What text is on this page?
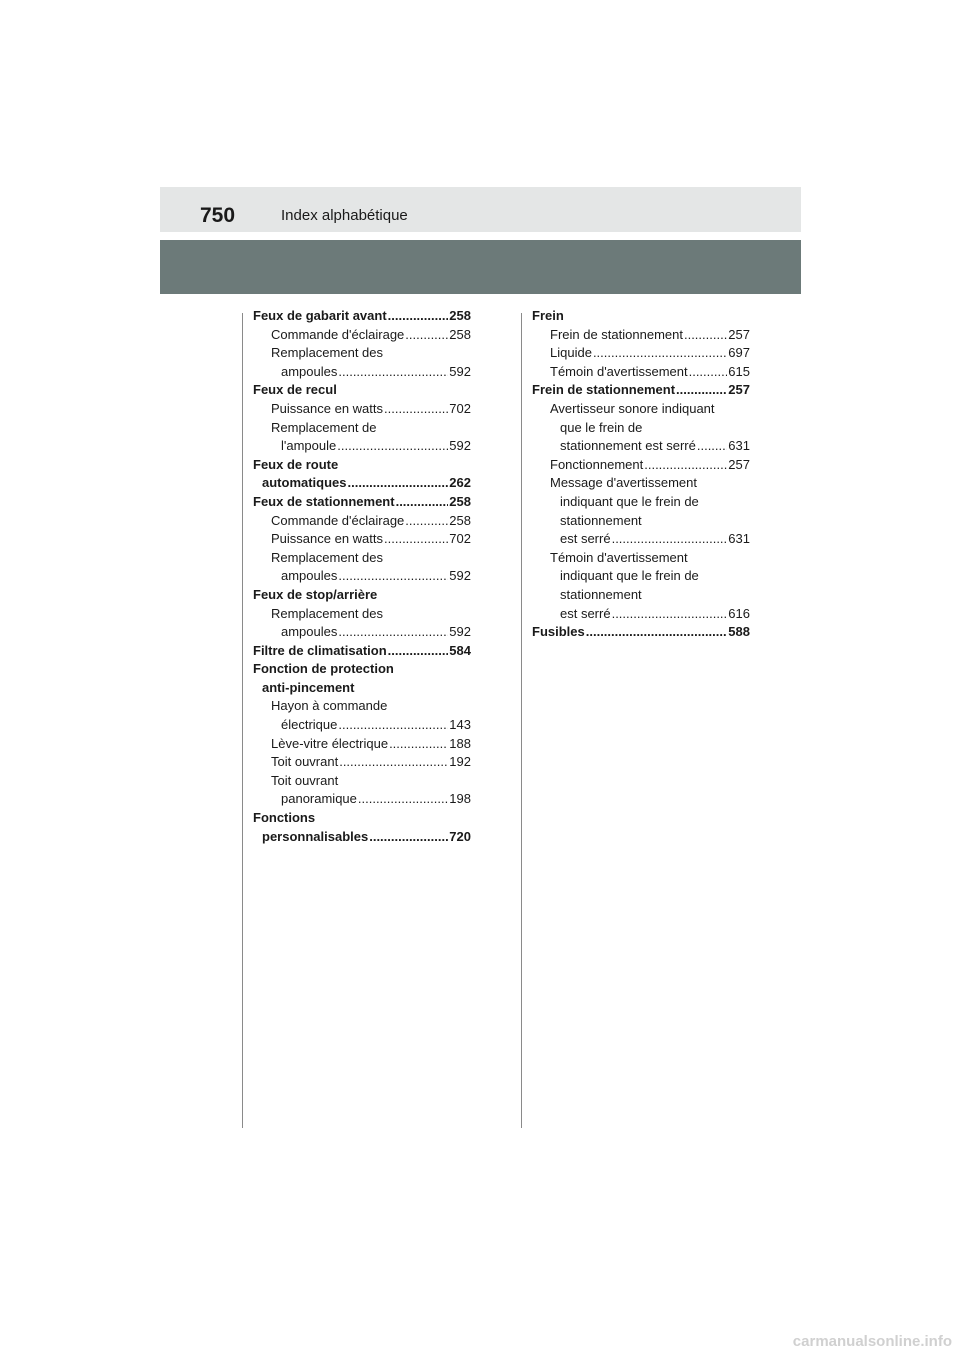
750	Index alphabétique
Feux de gabarit avant .....	258
Commande d'éclairage .....	258
Remplacement des
ampoules .....	592
Feux de recul
Puissance en watts .....	702
Remplacement de
l'ampoule .....	592
Feux de route
automatiques .....	262
Feux de stationnement .....	258
Commande d'éclairage .....	258
Puissance en watts .....	702
Remplacement des
ampoules .....	592
Feux de stop/arrière
Remplacement des
ampoules .....	592
Filtre de climatisation .....	584
Fonction de protection
anti-pincement
Hayon à commande
électrique .....	143
Lève-vitre électrique .....	188
Toit ouvrant .....	192
Toit ouvrant
panoramique .....	198
Fonctions
personnalisables .....	720
Frein
Frein de stationnement .....	257
Liquide .....	697
Témoin d'avertissement .....	615
Frein de stationnement .....	257
Avertisseur sonore indiquant
que le frein de
stationnement est serré ..... 631
Fonctionnement .....	257
Message d'avertissement
indiquant que le frein de
stationnement
est serré .....	631
Témoin d'avertissement
indiquant que le frein de
stationnement
est serré .....	616
Fusibles .....	588
carmanualsonline.info
